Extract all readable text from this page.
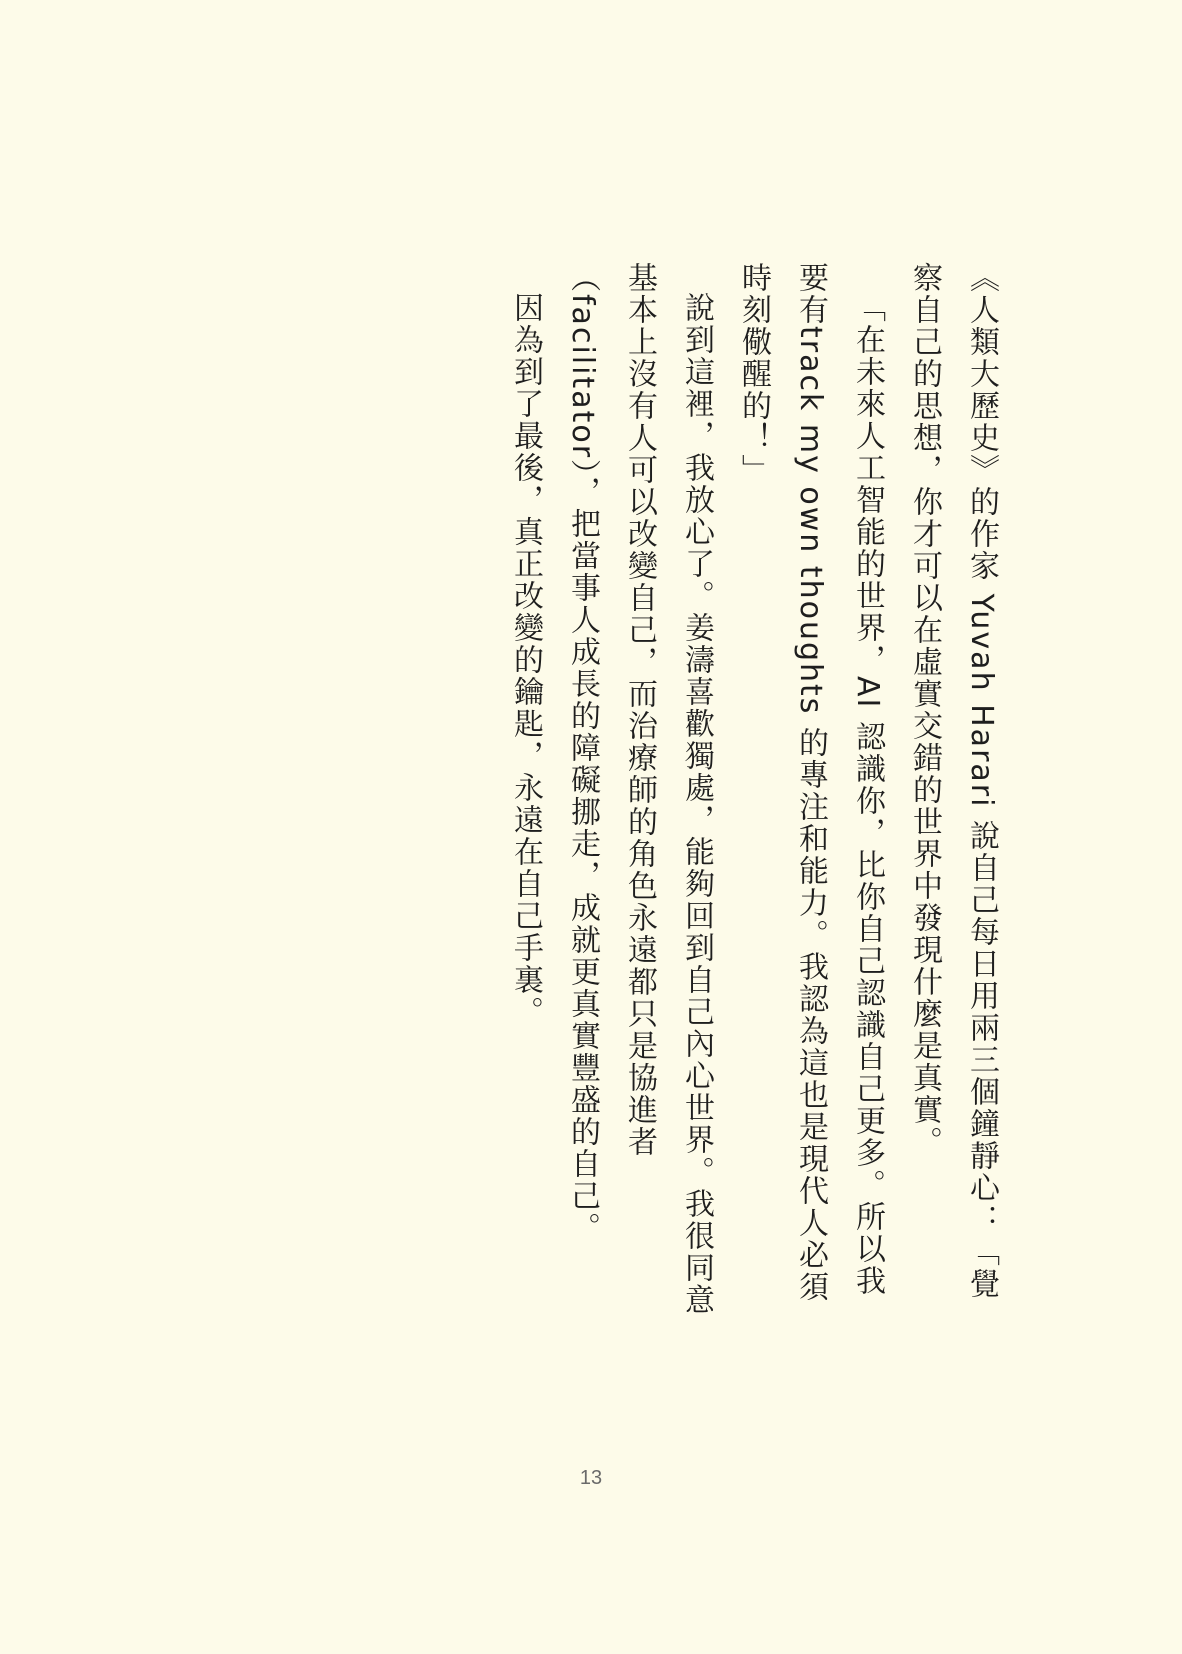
《人類大歷史》的作家 Yuvah Harari 說自己每日用兩三個鐘靜心：「覺察自己的思想，你才可以在虛實交錯的世界中發現什麼是真實。

「在未來人工智能的世界，AI 認識你，比你自己認識自己更多。所以我要有track my own thoughts 的專注和能力。我認為這也是現代人必須時刻儆醒的！」

說到這裡，我放心了。姜濤喜歡獨處，能夠回到自己內心世界。我很同意基本上沒有人可以改變自己，而治療師的角色永遠都只是協進者（facilitator），把當事人成長的障礙挪走，成就更真實豐盛的自己。

因為到了最後，真正改變的鑰匙，永遠在自己手裏。

13
